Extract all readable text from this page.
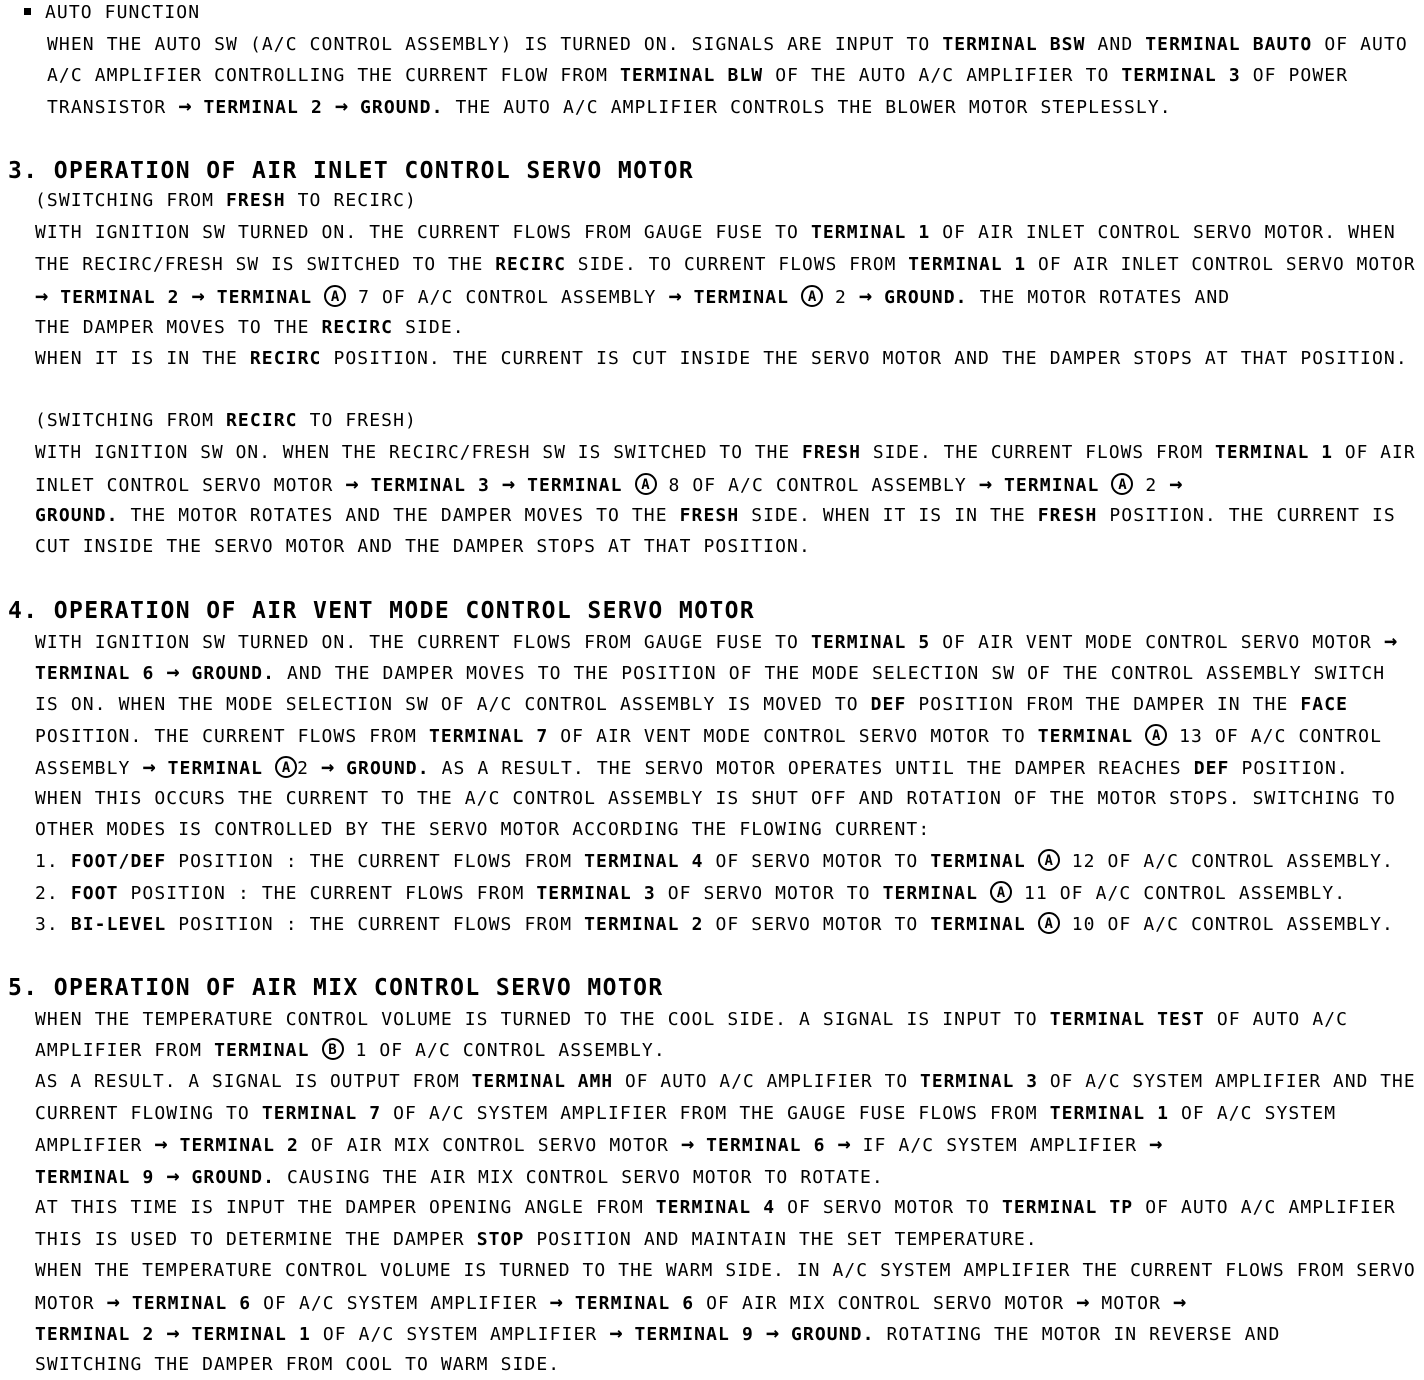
AUTO FUNCTION
WHEN THE AUTO SW (A/C CONTROL ASSEMBLY) IS TURNED ON. SIGNALS ARE INPUT TO TERMINAL BSW AND TERMINAL BAUTO OF AUTO
A/C AMPLIFIER CONTROLLING THE CURRENT FLOW FROM TERMINAL BLW OF THE AUTO A/C AMPLIFIER TO TERMINAL 3 OF POWER
TRANSISTOR → TERMINAL 2 → GROUND. THE AUTO A/C AMPLIFIER CONTROLS THE BLOWER MOTOR STEPLESSLY.
3. OPERATION OF AIR INLET CONTROL SERVO MOTOR
(SWITCHING FROM FRESH TO RECIRC)
WITH IGNITION SW TURNED ON. THE CURRENT FLOWS FROM GAUGE FUSE TO TERMINAL 1 OF AIR INLET CONTROL SERVO MOTOR. WHEN
THE RECIRC/FRESH SW IS SWITCHED TO THE RECIRC SIDE. TO CURRENT FLOWS FROM TERMINAL 1 OF AIR INLET CONTROL SERVO MOTOR
→ TERMINAL 2 → TERMINAL A 7 OF A/C CONTROL ASSEMBLY → TERMINAL A 2 → GROUND. THE MOTOR ROTATES AND
THE DAMPER MOVES TO THE RECIRC SIDE.
WHEN IT IS IN THE RECIRC POSITION. THE CURRENT IS CUT INSIDE THE SERVO MOTOR AND THE DAMPER STOPS AT THAT POSITION.
(SWITCHING FROM RECIRC TO FRESH)
WITH IGNITION SW ON. WHEN THE RECIRC/FRESH SW IS SWITCHED TO THE FRESH SIDE. THE CURRENT FLOWS FROM TERMINAL 1 OF AIR
INLET CONTROL SERVO MOTOR → TERMINAL 3 → TERMINAL A 8 OF A/C CONTROL ASSEMBLY → TERMINAL A 2 →
GROUND. THE MOTOR ROTATES AND THE DAMPER MOVES TO THE FRESH SIDE. WHEN IT IS IN THE FRESH POSITION. THE CURRENT IS
CUT INSIDE THE SERVO MOTOR AND THE DAMPER STOPS AT THAT POSITION.
4. OPERATION OF AIR VENT MODE CONTROL SERVO MOTOR
WITH IGNITION SW TURNED ON. THE CURRENT FLOWS FROM GAUGE FUSE TO TERMINAL 5 OF AIR VENT MODE CONTROL SERVO MOTOR →
TERMINAL 6 → GROUND. AND THE DAMPER MOVES TO THE POSITION OF THE MODE SELECTION SW OF THE CONTROL ASSEMBLY SWITCH
IS ON. WHEN THE MODE SELECTION SW OF A/C CONTROL ASSEMBLY IS MOVED TO DEF POSITION FROM THE DAMPER IN THE FACE
POSITION. THE CURRENT FLOWS FROM TERMINAL 7 OF AIR VENT MODE CONTROL SERVO MOTOR TO TERMINAL A 13 OF A/C CONTROL
ASSEMBLY → TERMINAL A 2 → GROUND. AS A RESULT. THE SERVO MOTOR OPERATES UNTIL THE DAMPER REACHES DEF POSITION.
WHEN THIS OCCURS THE CURRENT TO THE A/C CONTROL ASSEMBLY IS SHUT OFF AND ROTATION OF THE MOTOR STOPS. SWITCHING TO
OTHER MODES IS CONTROLLED BY THE SERVO MOTOR ACCORDING THE FLOWING CURRENT:
1. FOOT/DEF POSITION : THE CURRENT FLOWS FROM TERMINAL 4 OF SERVO MOTOR TO TERMINAL A 12 OF A/C CONTROL ASSEMBLY.
2. FOOT POSITION : THE CURRENT FLOWS FROM TERMINAL 3 OF SERVO MOTOR TO TERMINAL A 11 OF A/C CONTROL ASSEMBLY.
3. BI-LEVEL POSITION : THE CURRENT FLOWS FROM TERMINAL 2 OF SERVO MOTOR TO TERMINAL A 10 OF A/C CONTROL ASSEMBLY.
5. OPERATION OF AIR MIX CONTROL SERVO MOTOR
WHEN THE TEMPERATURE CONTROL VOLUME IS TURNED TO THE COOL SIDE. A SIGNAL IS INPUT TO TERMINAL TEST OF AUTO A/C
AMPLIFIER FROM TERMINAL B 1 OF A/C CONTROL ASSEMBLY.
AS A RESULT. A SIGNAL IS OUTPUT FROM TERMINAL AMH OF AUTO A/C AMPLIFIER TO TERMINAL 3 OF A/C SYSTEM AMPLIFIER AND THE
CURRENT FLOWING TO TERMINAL 7 OF A/C SYSTEM AMPLIFIER FROM THE GAUGE FUSE FLOWS FROM TERMINAL 1 OF A/C SYSTEM
AMPLIFIER → TERMINAL 2 OF AIR MIX CONTROL SERVO MOTOR → TERMINAL 6 → IF A/C SYSTEM AMPLIFIER →
TERMINAL 9 → GROUND. CAUSING THE AIR MIX CONTROL SERVO MOTOR TO ROTATE.
AT THIS TIME IS INPUT THE DAMPER OPENING ANGLE FROM TERMINAL 4 OF SERVO MOTOR TO TERMINAL TP OF AUTO A/C AMPLIFIER
THIS IS USED TO DETERMINE THE DAMPER STOP POSITION AND MAINTAIN THE SET TEMPERATURE.
WHEN THE TEMPERATURE CONTROL VOLUME IS TURNED TO THE WARM SIDE. IN A/C SYSTEM AMPLIFIER THE CURRENT FLOWS FROM SERVO
MOTOR → TERMINAL 6 OF A/C SYSTEM AMPLIFIER → TERMINAL 6 OF AIR MIX CONTROL SERVO MOTOR → MOTOR →
TERMINAL 2 → TERMINAL 1 OF A/C SYSTEM AMPLIFIER → TERMINAL 9 → GROUND. ROTATING THE MOTOR IN REVERSE AND
SWITCHING THE DAMPER FROM COOL TO WARM SIDE.
